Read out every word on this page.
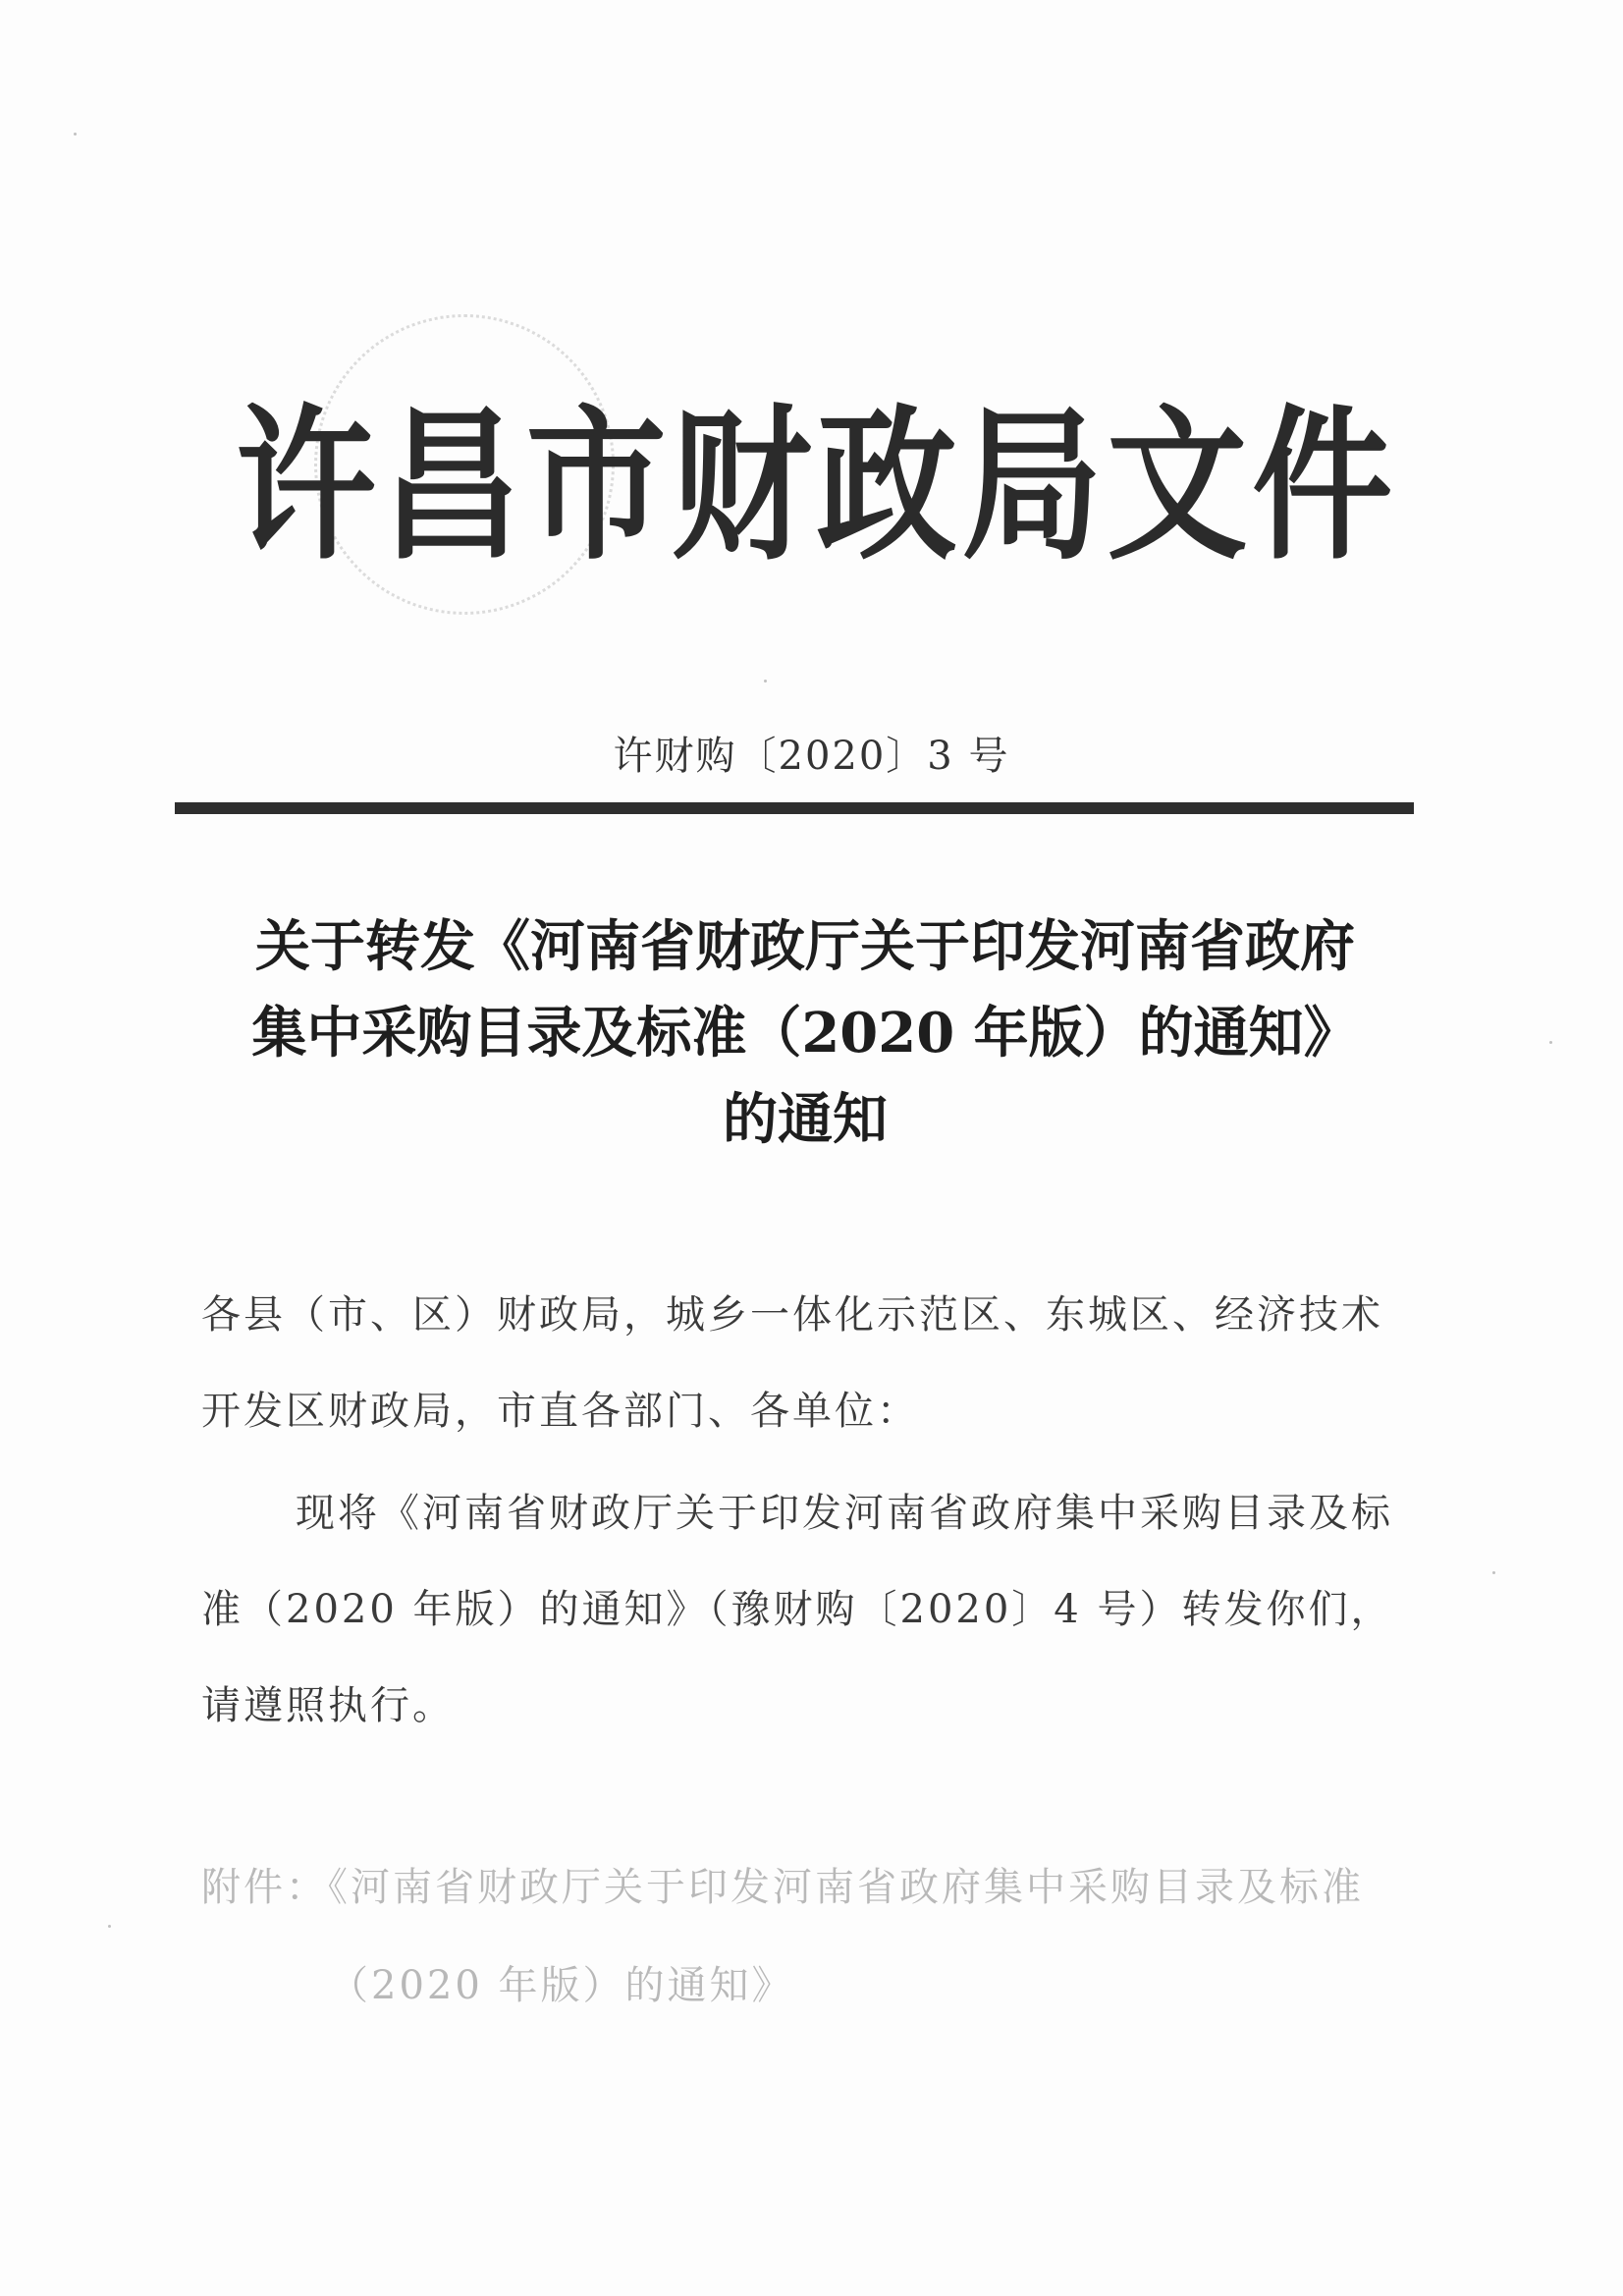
许昌市财政局文件
许财购〔2020〕3 号
关于转发《河南省财政厅关于印发河南省政府
集中采购目录及标准（2020 年版）的通知》
的通知
各县（市、区）财政局，城乡一体化示范区、东城区、经济技术开发区财政局，市直各部门、各单位：
现将《河南省财政厅关于印发河南省政府集中采购目录及标准（2020 年版）的通知》（豫财购〔2020〕4 号）转发你们，请遵照执行。
附件：《河南省财政厅关于印发河南省政府集中采购目录及标准
（2020 年版）的通知》
